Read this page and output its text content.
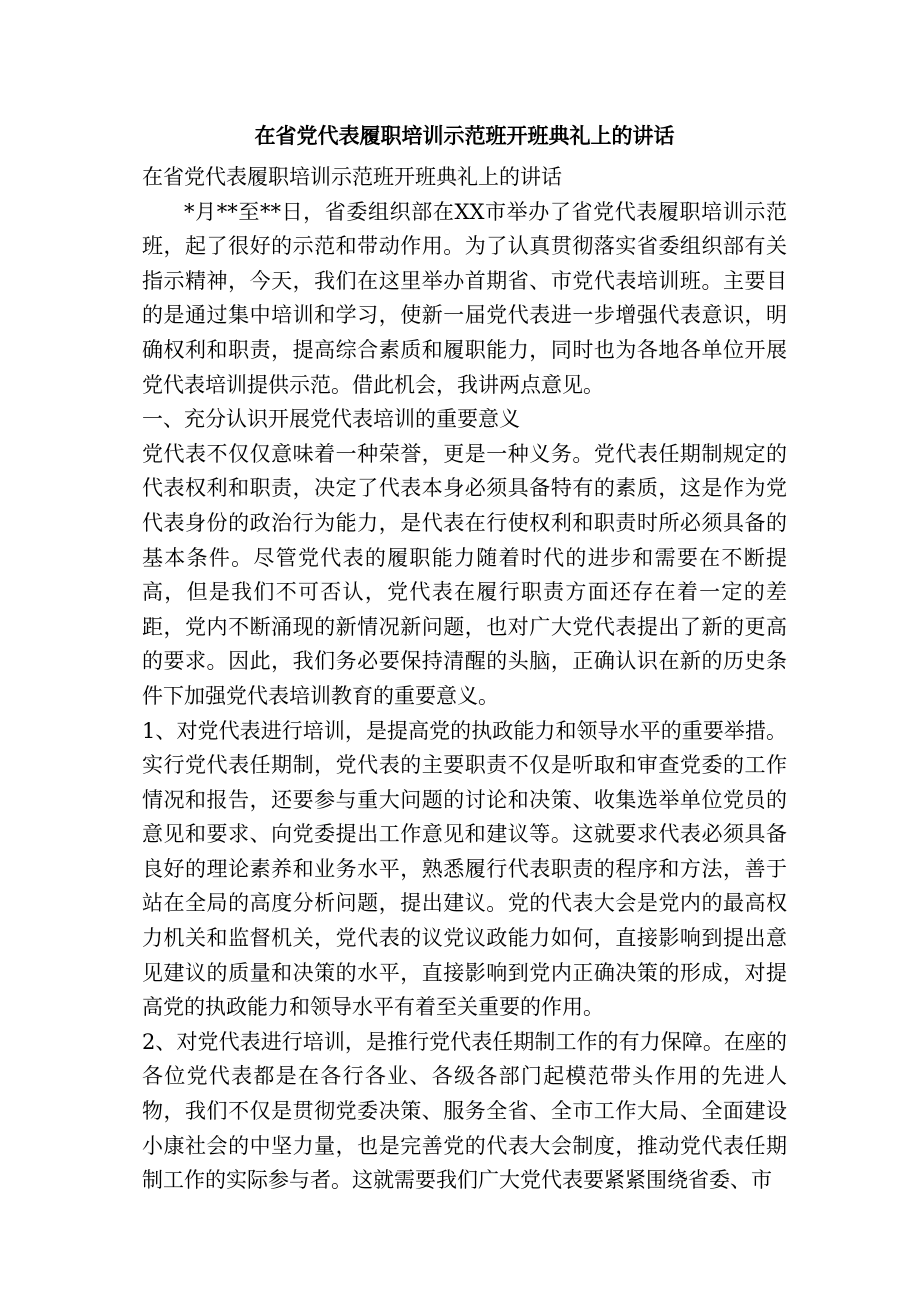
在省党代表履职培训示范班开班典礼上的讲话

在省党代表履职培训示范班开班典礼上的讲话

*月**至**日，省委组织部在XX市举办了省党代表履职培训示范班，起了很好的示范和带动作用。为了认真贯彻落实省委组织部有关指示精神，今天，我们在这里举办首期省、市党代表培训班。主要目的是通过集中培训和学习，使新一届党代表进一步增强代表意识，明确权利和职责，提高综合素质和履职能力，同时也为各地各单位开展党代表培训提供示范。借此机会，我讲两点意见。

一、充分认识开展党代表培训的重要意义

党代表不仅仅意味着一种荣誉，更是一种义务。党代表任期制规定的代表权利和职责，决定了代表本身必须具备特有的素质，这是作为党代表身份的政治行为能力，是代表在行使权利和职责时所必须具备的基本条件。尽管党代表的履职能力随着时代的进步和需要在不断提高，但是我们不可否认，党代表在履行职责方面还存在着一定的差距，党内不断涌现的新情况新问题，也对广大党代表提出了新的更高的要求。因此，我们务必要保持清醒的头脑，正确认识在新的历史条件下加强党代表培训教育的重要意义。

1、对党代表进行培训，是提高党的执政能力和领导水平的重要举措。实行党代表任期制，党代表的主要职责不仅是听取和审查党委的工作情况和报告，还要参与重大问题的讨论和决策、收集选举单位党员的意见和要求、向党委提出工作意见和建议等。这就要求代表必须具备良好的理论素养和业务水平，熟悉履行代表职责的程序和方法，善于站在全局的高度分析问题，提出建议。党的代表大会是党内的最高权力机关和监督机关，党代表的议党议政能力如何，直接影响到提出意见建议的质量和决策的水平，直接影响到党内正确决策的形成，对提高党的执政能力和领导水平有着至关重要的作用。

2、对党代表进行培训，是推行党代表任期制工作的有力保障。在座的各位党代表都是在各行各业、各级各部门起模范带头作用的先进人物，我们不仅是贯彻党委决策、服务全省、全市工作大局、全面建设小康社会的中坚力量，也是完善党的代表大会制度，推动党代表任期制工作的实际参与者。这就需要我们广大党代表要紧紧围绕省委、市
